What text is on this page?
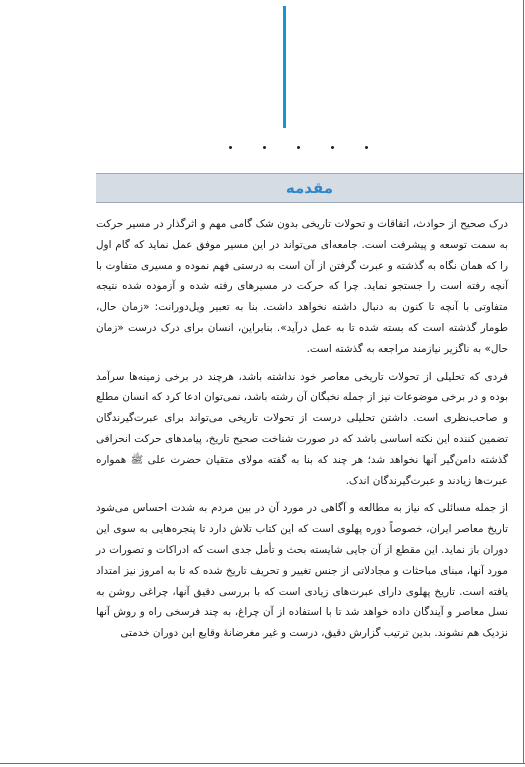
مقدمه

درک صحیح از حوادث، اتفاقات و تحولات تاریخی بدون شک گامی مهم و اثرگذار در مسیر حرکت به سمت توسعه و پیشرفت است. جامعه‌ای می‌تواند در این مسیر موفق عمل نماید که گام اول را که همان نگاه به گذشته و عبرت گرفتن از آن است به درستی فهم نموده و مسیری متفاوت با آنچه رفته است را جستجو نماید. چرا که حرکت در مسیرهای رفته شده و آزموده شده نتیجه متفاوتی با آنچه تا کنون به دنبال داشته نخواهد داشت. بنا به تعبیر ویل‌دورانت: «زمان حال، طومار گذشته است که بسته شده تا به عمل درآید». بنابراین، انسان برای درک درست «زمان حال» به ناگزیر نیازمند مراجعه به گذشته است.

فردی که تحلیلی از تحولات تاریخی معاصر خود نداشته باشد، هرچند در برخی زمینه‌ها سرآمد بوده و در برخی موضوعات نیز از جمله نخبگان آن رشته باشد، نمی‌توان ادعا کرد که انسان مطلع و صاحب‌نظری است. داشتن تحلیلی درست از تحولات تاریخی می‌تواند برای عبرت‌گیرندگان تضمین کننده این نکته اساسی باشد که در صورت شناخت صحیح تاریخ، پیامدهای حرکت انحرافی گذشته دامن‌گیر آنها نخواهد شد؛ هر چند که بنا به گفته مولای متقیان حضرت علی ﷺ همواره عبرت‌ها زیادند و عبرت‌گیرندگان اندک.

از جمله مسائلی که نیاز به مطالعه و آگاهی در مورد آن در بین مردم به شدت احساس می‌شود تاریخ معاصر ایران، خصوصاً دوره پهلوی است که این کتاب تلاش دارد تا پنجره‌هایی به سوی این دوران باز نماید. این مقطع از آن جایی شایسته بحث و تأمل جدی است که ادراکات و تصورات در مورد آنها، مبنای مباحثات و مجادلاتی از جنس تغییر و تحریف تاریخ شده که تا به امروز نیز امتداد یافته است. تاریخ پهلوی دارای عبرت‌های زیادی است که با بررسی دقیق آنها، چراغی روشن به نسل معاصر و آیندگان داده خواهد شد تا با استفاده از آن چراغ، به چند فرسخی راه و روش آنها نزدیک هم نشوند. بدین ترتیب گزارش دقیق، درست و غیر مغرضانهٔ وقایع این دوران خدمتی
